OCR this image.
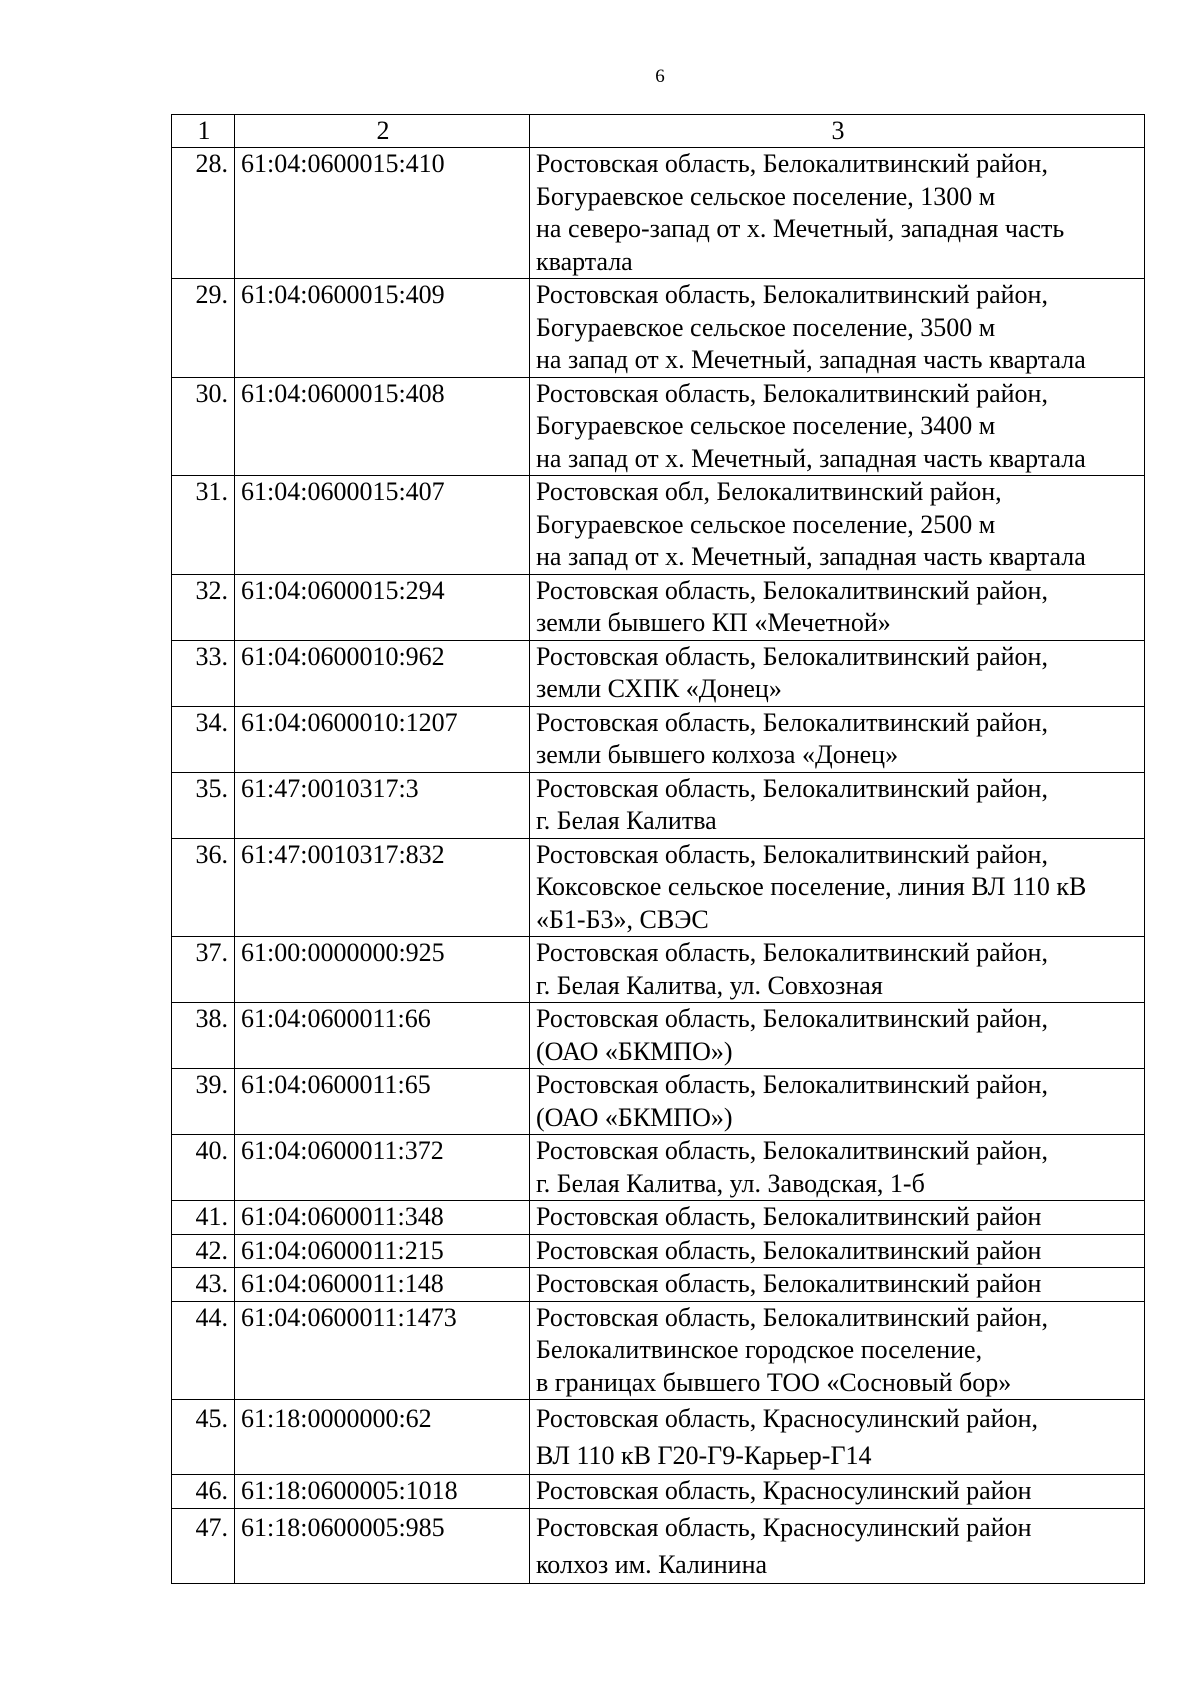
6
1	2	3
28.	61:04:0600015:410	Ростовская область, Белокалитвинский район,
Богураевское сельское поселение, 1300 м
на северо-запад от х. Мечетный, западная часть
квартала

29.	61:04:0600015:409	Ростовская область, Белокалитвинский район,
Богураевское сельское поселение, 3500 м
на запад от х. Мечетный, западная часть квартала

30.	61:04:0600015:408	Ростовская область, Белокалитвинский район,
Богураевское сельское поселение, 3400 м
на запад от х. Мечетный, западная часть квартала

31.	61:04:0600015:407	Ростовская обл, Белокалитвинский район,
Богураевское сельское поселение, 2500 м
на запад от х. Мечетный, западная часть квартала

32.	61:04:0600015:294	Ростовская область, Белокалитвинский район,
земли бывшего КП «Мечетной»

33.	61:04:0600010:962	Ростовская область, Белокалитвинский район,
земли СХПК «Донец»

34.	61:04:0600010:1207	Ростовская область, Белокалитвинский район,
земли бывшего колхоза «Донец»

35.	61:47:0010317:3	Ростовская область, Белокалитвинский район,
г. Белая Калитва

36.	61:47:0010317:832	Ростовская область, Белокалитвинский район,
Коксовское сельское поселение, линия ВЛ 110 кВ
«Б1-Б3», СВЭС

37.	61:00:0000000:925	Ростовская область, Белокалитвинский район,
г. Белая Калитва, ул. Совхозная

38.	61:04:0600011:66	Ростовская область, Белокалитвинский район,
(ОАО «БКМПО»)

39.	61:04:0600011:65	Ростовская область, Белокалитвинский район,
(ОАО «БКМПО»)

40.	61:04:0600011:372	Ростовская область, Белокалитвинский район,
г. Белая Калитва, ул. Заводская, 1-б

41.	61:04:0600011:348	Ростовская область, Белокалитвинский район

42.	61:04:0600011:215	Ростовская область, Белокалитвинский район

43.	61:04:0600011:148	Ростовская область, Белокалитвинский район

44.	61:04:0600011:1473	Ростовская область, Белокалитвинский район,
Белокалитвинское городское поселение,
в границах бывшего ТОО «Сосновый бор»

45.	61:18:0000000:62	Ростовская область, Красносулинский район,
ВЛ 110 кВ Г20-Г9-Карьер-Г14

46.	61:18:0600005:1018	Ростовская область, Красносулинский район

47.	61:18:0600005:985	Ростовская область, Красносулинский район
колхоз им. Калинина
